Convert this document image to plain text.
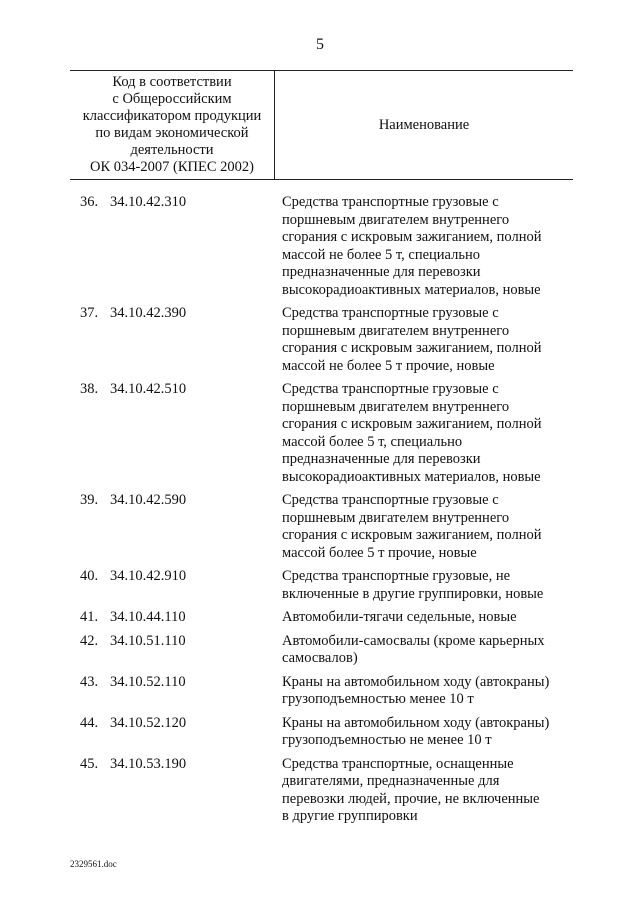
5
Код в соответствии
с Общероссийским
классификатором продукции
по видам экономической
деятельности
ОК 034-2007 (КПЕС 2002)
Наименование
36. 34.10.42.310	Средства транспортные грузовые с
поршневым двигателем внутреннего
сгорания с искровым зажиганием, полной
массой не более 5 т, специально
предназначенные для перевозки
высокорадиоактивных материалов, новые
37. 34.10.42.390	Средства транспортные грузовые с
поршневым двигателем внутреннего
сгорания с искровым зажиганием, полной
массой не более 5 т прочие, новые
38. 34.10.42.510	Средства транспортные грузовые с
поршневым двигателем внутреннего
сгорания с искровым зажиганием, полной
массой более 5 т, специально
предназначенные для перевозки
высокорадиоактивных материалов, новые
39. 34.10.42.590	Средства транспортные грузовые с
поршневым двигателем внутреннего
сгорания с искровым зажиганием, полной
массой более 5 т прочие, новые
40. 34.10.42.910	Средства транспортные грузовые, не
включенные в другие группировки, новые
41. 34.10.44.110	Автомобили-тягачи седельные, новые
42. 34.10.51.110	Автомобили-самосвалы (кроме карьерных
самосвалов)
43. 34.10.52.110	Краны на автомобильном ходу (автокраны)
грузоподъемностью менее 10 т
44. 34.10.52.120	Краны на автомобильном ходу (автокраны)
грузоподъемностью не менее 10 т
45. 34.10.53.190	Средства транспортные, оснащенные
двигателями, предназначенные для
перевозки людей, прочие, не включенные
в другие группировки
2329561.doc
